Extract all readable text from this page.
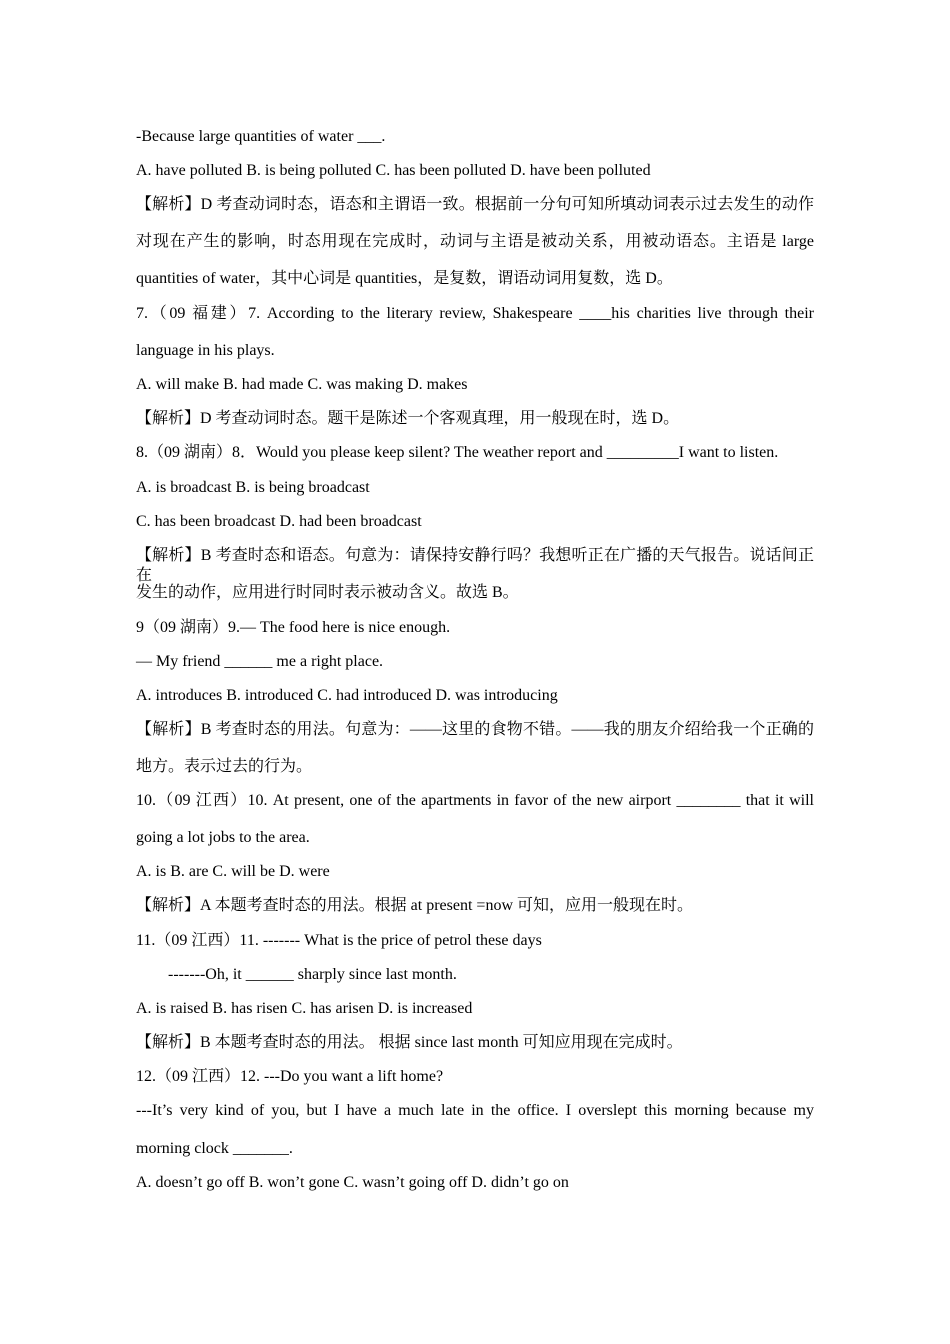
-Because large quantities of water ___.
A. have polluted B. is being polluted C. has been polluted D. have been polluted
【解析】D 考查动词时态，语态和主谓语一致。根据前一分句可知所填动词表示过去发生的动作
对现在产生的影响，时态用现在完成时，动词与主语是被动关系，用被动语态。主语是 large
quantities of water，其中心词是 quantities，是复数，谓语动词用复数，选 D。
7.（09 福建）7. According to the literary review, Shakespeare ____his charities live through their
language in his plays.
A. will make B. had made C. was making D. makes
【解析】D 考查动词时态。题干是陈述一个客观真理，用一般现在时，选 D。
8.（09 湖南）8．Would you please keep silent? The weather report and _________I want to listen.
A. is broadcast B. is being broadcast
C. has been broadcast D. had been broadcast
【解析】B 考查时态和语态。句意为：请保持安静行吗？我想听正在广播的天气报告。说话间正在
发生的动作，应用进行时同时表示被动含义。故选 B。
9（09 湖南）9.— The food here is nice enough.
— My friend ______ me a right place.
A. introduces B. introduced C. had introduced D. was introducing
【解析】B 考查时态的用法。句意为：——这里的食物不错。——我的朋友介绍给我一个正确的
地方。表示过去的行为。
10.（09 江西）10. At present, one of the apartments in favor of the new airport ________ that it will
going a lot jobs to the area.
A. is B. are C. will be D. were
【解析】A 本题考查时态的用法。根据 at present =now 可知，应用一般现在时。
11.（09 江西）11. ------- What is the price of petrol these days
-------Oh, it ______ sharply since last month.
A. is raised B. has risen C. has arisen D. is increased
【解析】B 本题考查时态的用法。 根据 since last month 可知应用现在完成时。
12.（09 江西）12. ---Do you want a lift home?
---It’s very kind of you, but I have a much late in the office. I overslept this morning because my
morning clock _______.
A. doesn’t go off B. won’t gone C. wasn’t going off D. didn’t go on
